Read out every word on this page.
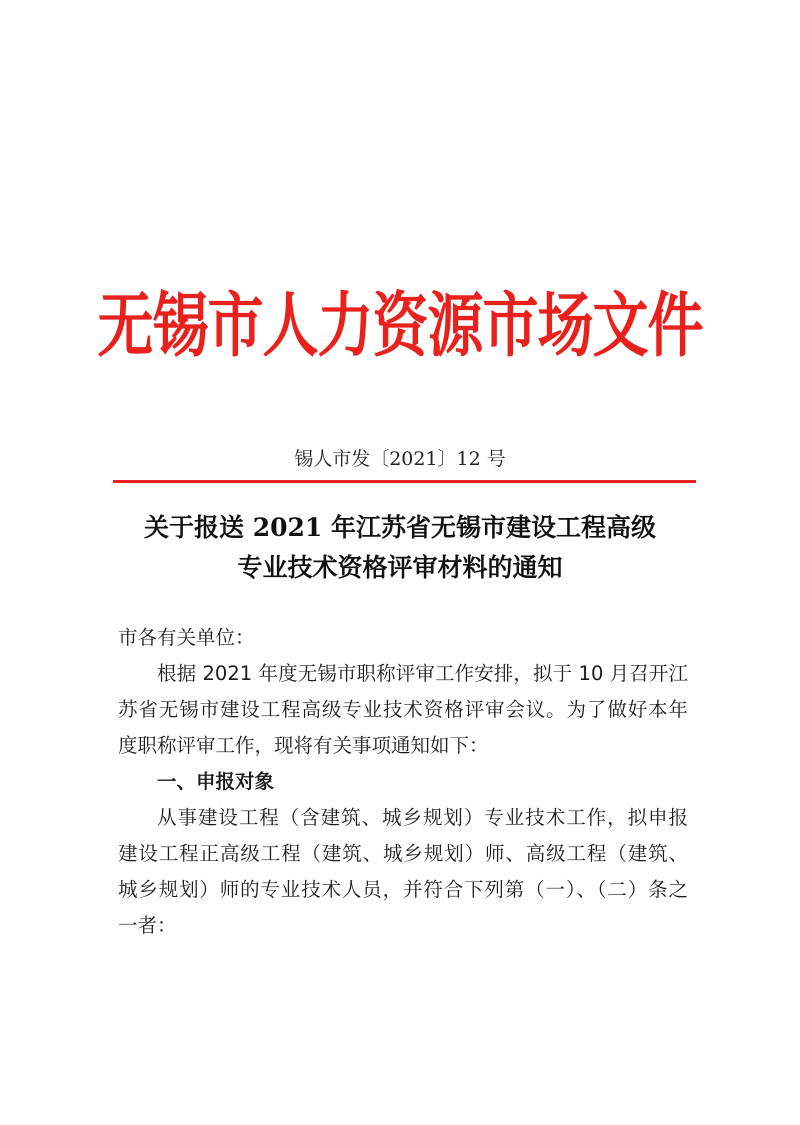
无锡市人力资源市场文件
锡人市发〔2021〕12 号
关于报送 2021 年江苏省无锡市建设工程高级
专业技术资格评审材料的通知
市各有关单位：
根据 2021 年度无锡市职称评审工作安排，拟于 10 月召开江
苏省无锡市建设工程高级专业技术资格评审会议。为了做好本年
度职称评审工作，现将有关事项通知如下：
一、申报对象
从事建设工程（含建筑、城乡规划）专业技术工作，拟申报
建设工程正高级工程（建筑、城乡规划）师、高级工程（建筑、
城乡规划）师的专业技术人员，并符合下列第（一）、（二）条之
一者：
